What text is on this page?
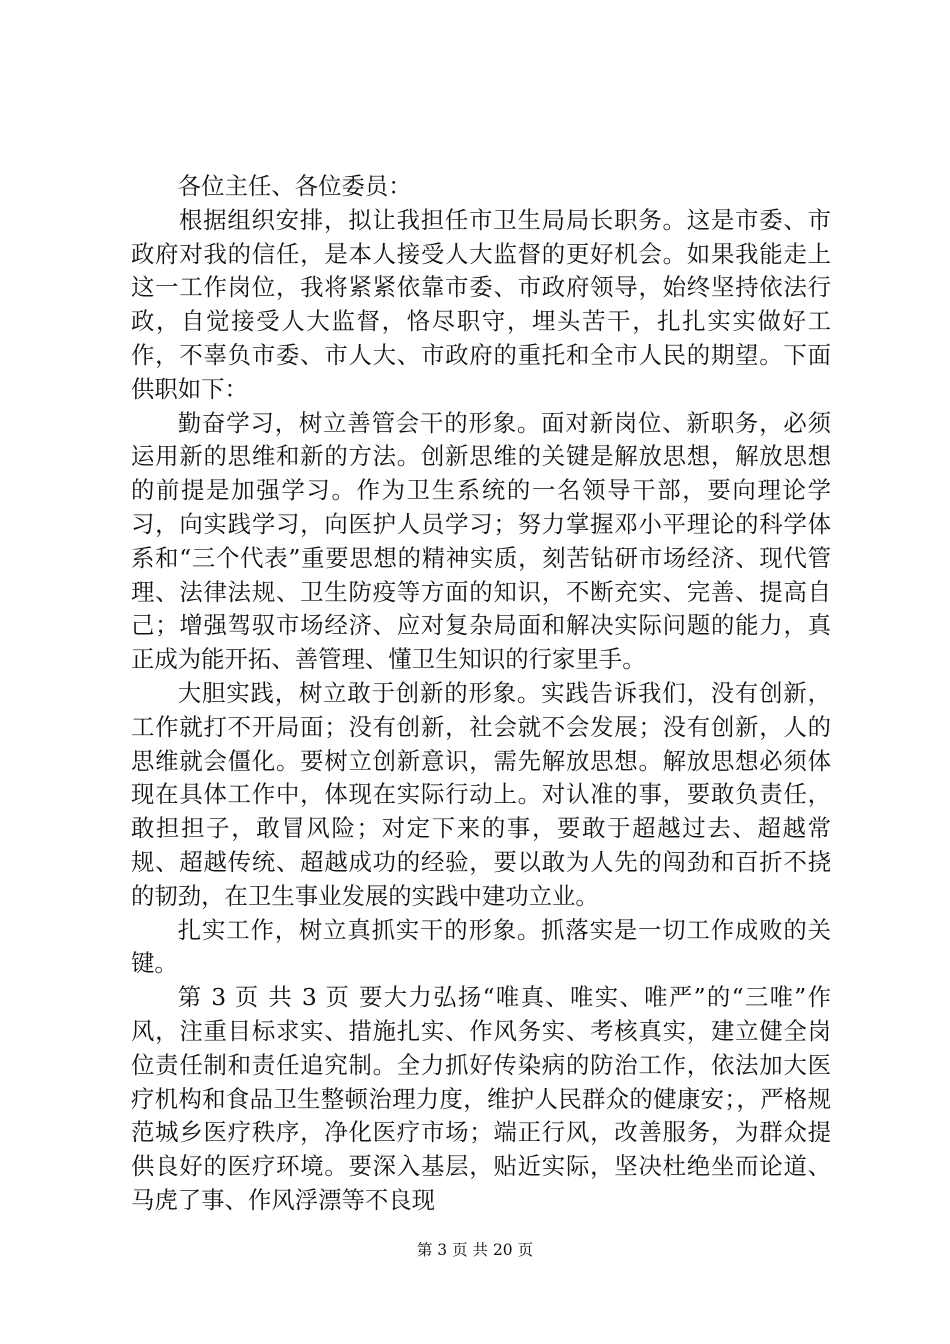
各位主任、各位委员：

根据组织安排，拟让我担任市卫生局局长职务。这是市委、市政府对我的信任，是本人接受人大监督的更好机会。如果我能走上这一工作岗位，我将紧紧依靠市委、市政府领导，始终坚持依法行政，自觉接受人大监督，恪尽职守，埋头苦干，扎扎实实做好工作，不辜负市委、市人大、市政府的重托和全市人民的期望。下面供职如下：

勤奋学习，树立善管会干的形象。面对新岗位、新职务，必须运用新的思维和新的方法。创新思维的关键是解放思想，解放思想的前提是加强学习。作为卫生系统的一名领导干部，要向理论学习，向实践学习，向医护人员学习；努力掌握邓小平理论的科学体系和“三个代表”重要思想的精神实质，刻苦钻研市场经济、现代管理、法律法规、卫生防疫等方面的知识，不断充实、完善、提高自己；增强驾驭市场经济、应对复杂局面和解决实际问题的能力，真正成为能开拓、善管理、懂卫生知识的行家里手。

大胆实践，树立敢于创新的形象。实践告诉我们，没有创新，工作就打不开局面；没有创新，社会就不会发展；没有创新，人的思维就会僵化。要树立创新意识，需先解放思想。解放思想必须体现在具体工作中，体现在实际行动上。对认准的事，要敢负责任，敢担担子，敢冒风险；对定下来的事，要敢于超越过去、超越常规、超越传统、超越成功的经验，要以敢为人先的闯劲和百折不挠的韧劲，在卫生事业发展的实践中建功立业。

扎实工作，树立真抓实干的形象。抓落实是一切工作成败的关键。

第 3 页 共 3 页 要大力弘扬“唯真、唯实、唯严”的“三唯”作风，注重目标求实、措施扎实、作风务实、考核真实，建立健全岗位责任制和责任追究制。全力抓好传染病的防治工作，依法加大医疗机构和食品卫生整顿治理力度，维护人民群众的健康安；，严格规范城乡医疗秩序，净化医疗市场；端正行风，改善服务，为群众提供良好的医疗环境。要深入基层，贴近实际，坚决杜绝坐而论道、马虎了事、作风浮漂等不良现

第 3 页 共 20 页
